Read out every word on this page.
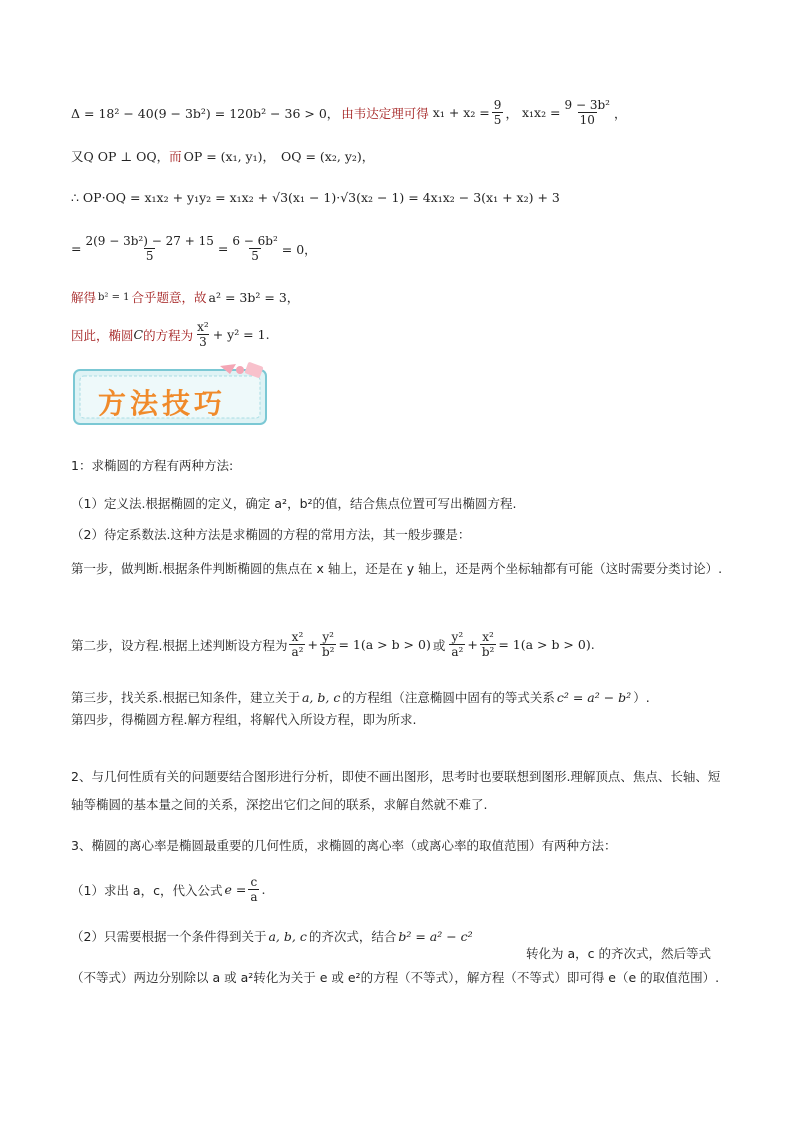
Δ = 18² − 40(9 − 3b²) = 120b² − 36 > 0， 由韦达定理可得 $x_1 + x_2 = \frac{9}{5}$ ， $x_1x_2 = \frac{\text{9 − 3b²}}{10}$ ，
又Q OP ⊥ OQ， 而 OP = (x₁, y₁)， OQ = (x₂, y₂)，
∴ OP·OQ = x₁x₂ + y₁y₂ = x₁x₂ + √3(x₁ − 1)·√3(x₂ − 1) = 4x₁x₂ − 3(x₁ + x₂) + 3
= $\frac{\text{2(9 − 3b²) − 27 + 15}}{5} = \frac{\text{6 − 6b²}}{5} = 0$，
解得 b² = 1 合乎题意，故 a² = 3b² = 3，
因此，椭圆 C 的方程为 $\frac{\text{x²}}{3} + y^2 = 1$.
方法技巧
1：求椭圆的方程有两种方法:
（1）定义法.根据椭圆的定义，确定 a²，b²的值，结合焦点位置可写出椭圆方程.
（2）待定系数法.这种方法是求椭圆的方程的常用方法，其一般步骤是：
第一步，做判断.根据条件判断椭圆的焦点在 x 轴上，还是在 y 轴上，还是两个坐标轴都有可能（这时需要分类讨论）.
第二步，设方程.根据上述判断设方程为 $\frac{\text{x²}}{\text{a²}} + \frac{\text{y²}}{\text{b²}} = 1(a > b > 0)$ 或 $\frac{\text{y²}}{\text{a²}} + \frac{\text{x²}}{\text{b²}} = 1(a > b > 0)$.
第三步，找关系.根据已知条件，建立关于 a, b, c 的方程组（注意椭圆中固有的等式关系 c² = a² − b² ）.
第四步，得椭圆方程.解方程组，将解代入所设方程，即为所求.
2、与几何性质有关的问题要结合图形进行分析，即使不画出图形，思考时也要联想到图形.理解顶点、焦点、长轴、短轴等椭圆的基本量之间的关系，深挖出它们之间的联系，求解自然就不难了.
3、椭圆的离心率是椭圆最重要的几何性质，求椭圆的离心率（或离心率的取值范围）有两种方法：
（1）求出 a，c，代入公式 $e = \frac{c}{a}$ .
（2）只需要根据一个条件得到关于 a, b, c 的齐次式，结合 b² = a² − c²
转化为 a，c 的齐次式，然后等式（不等式）两边分别除以 a 或 a²转化为关于 e 或 e²的方程（不等式），解方程（不等式）即可得 e（e 的取值范围）.
